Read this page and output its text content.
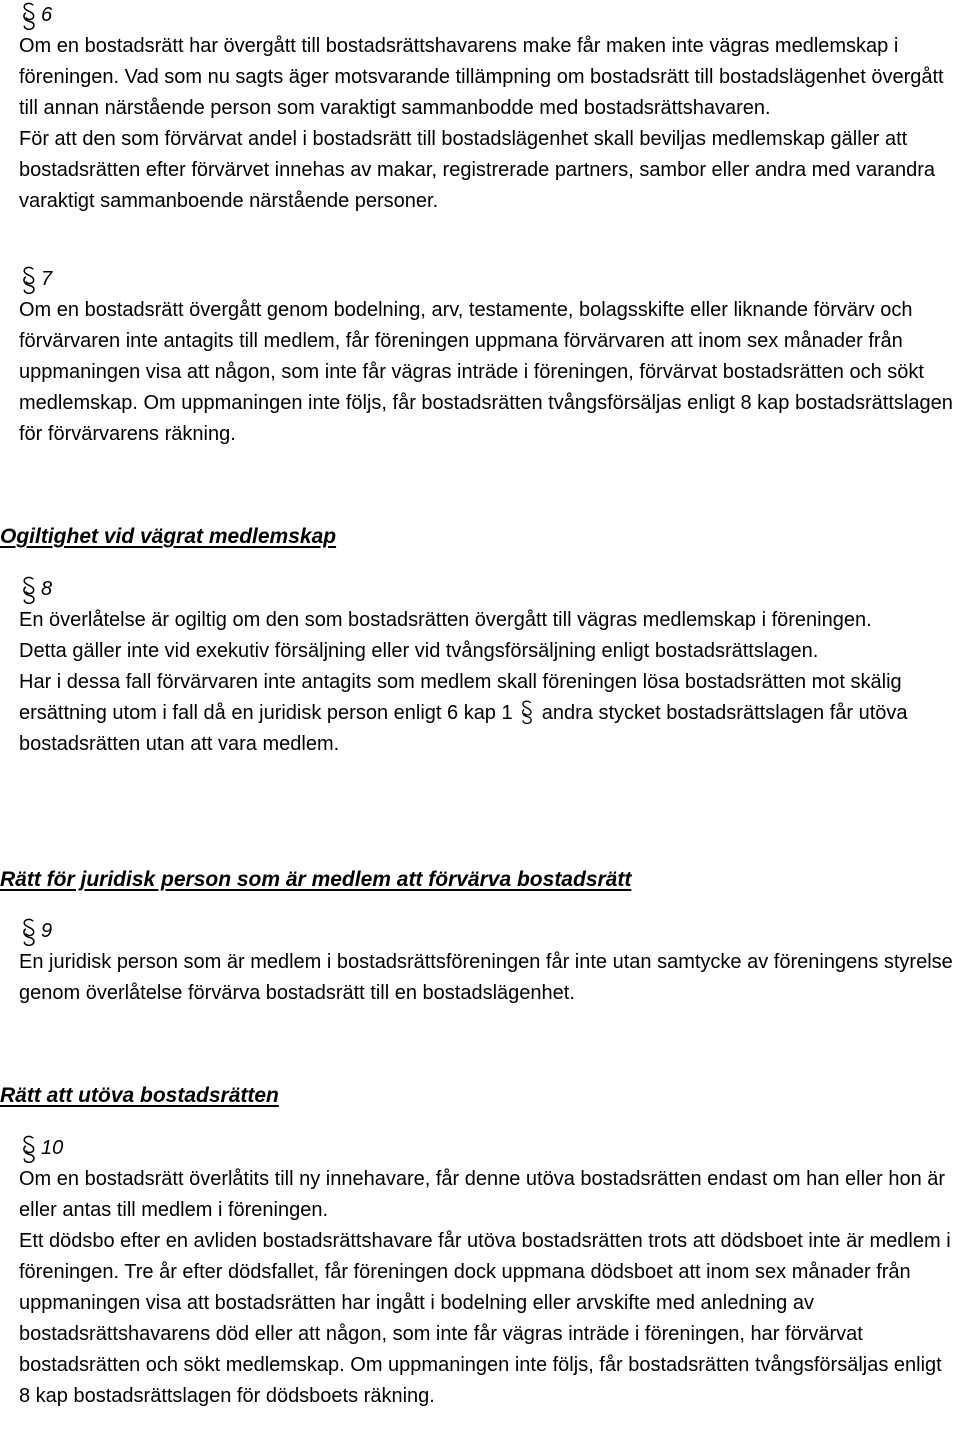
6

Om en bostadsrätt har övergått till bostadsrättshavarens make får maken inte vägras medlemskap i föreningen. Vad som nu sagts äger motsvarande tillämpning om bostadsrätt till bostadslägenhet övergått till annan närstående person som varaktigt sammanbodde med bostadsrättshavaren.

För att den som förvärvat andel i bostadsrätt till bostadslägenhet skall beviljas medlemskap gäller att bostadsrätten efter förvärvet innehas av makar, registrerade partners, sambor eller andra med varandra varaktigt sammanboende närstående personer.

7

Om en bostadsrätt övergått genom bodelning, arv, testamente, bolagsskifte eller liknande förvärv och förvärvaren inte antagits till medlem, får föreningen uppmana förvärvaren att inom sex månader från uppmaningen visa att någon, som inte får vägras inträde i föreningen, förvärvat bostadsrätten och sökt medlemskap. Om uppmaningen inte följs, får bostadsrätten tvångsförsäljas enligt 8 kap bostadsrättslagen för förvärvarens räkning.

Ogiltighet vid vägrat medlemskap
8

En överlåtelse är ogiltig om den som bostadsrätten övergått till vägras medlemskap i föreningen.

Detta gäller inte vid exekutiv försäljning eller vid tvångsförsäljning enligt bostadsrättslagen.

Har i dessa fall förvärvaren inte antagits som medlem skall föreningen lösa bostadsrätten mot skälig ersättning utom i fall då en juridisk person enligt 6 kap 1 andra stycket bostadsrättslagen får utöva bostadsrätten utan att vara medlem.

Rätt för juridisk person som är medlem att förvärva bostadsrätt
9

En juridisk person som är medlem i bostadsrättsföreningen får inte utan samtycke av föreningens styrelse genom överlåtelse förvärva bostadsrätt till en bostadslägenhet.

Rätt att utöva bostadsrätten
10

Om en bostadsrätt överlåtits till ny innehavare, får denne utöva bostadsrätten endast om han eller hon är eller antas till medlem i föreningen.

Ett dödsbo efter en avliden bostadsrättshavare får utöva bostadsrätten trots att dödsboet inte är medlem i föreningen. Tre år efter dödsfallet, får föreningen dock uppmana dödsboet att inom sex månader från uppmaningen visa att bostadsrätten har ingått i bodelning eller arvskifte med anledning av bostadsrättshavarens död eller att någon, som inte får vägras inträde i föreningen, har förvärvat bostadsrätten och sökt medlemskap. Om uppmaningen inte följs, får bostadsrätten tvångsförsäljas enligt 8 kap bostadsrättslagen för dödsboets räkning.
